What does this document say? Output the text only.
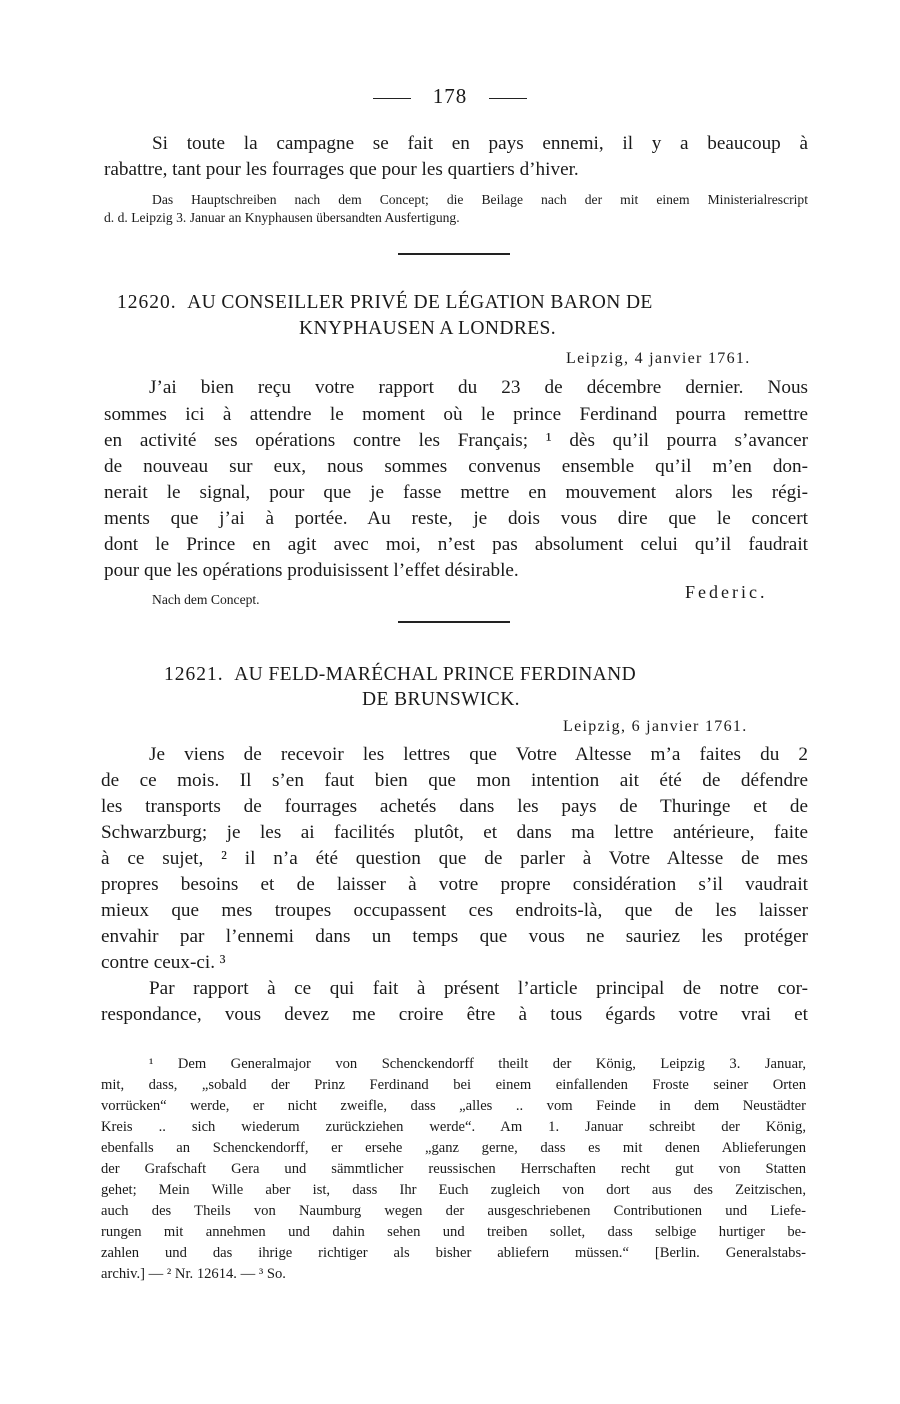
178
Si toute la campagne se fait en pays ennemi, il y a beaucoup à
rabattre, tant pour les fourrages que pour les quartiers d’hiver.
Das Hauptschreiben nach dem Concept; die Beilage nach der mit einem Ministerialrescript
d. d. Leipzig 3. Januar an Knyphausen übersandten Ausfertigung.
12620. AU CONSEILLER PRIVÉ DE LÉGATION BARON DE
KNYPHAUSEN A LONDRES.
Leipzig, 4 janvier 1761.
J’ai bien reçu votre rapport du 23 de décembre dernier. Nous
sommes ici à attendre le moment où le prince Ferdinand pourra remettre
en activité ses opérations contre les Français; ¹ dès qu’il pourra s’avancer
de nouveau sur eux, nous sommes convenus ensemble qu’il m’en don-
nerait le signal, pour que je fasse mettre en mouvement alors les régi-
ments que j’ai à portée. Au reste, je dois vous dire que le concert
dont le Prince en agit avec moi, n’est pas absolument celui qu’il faudrait
pour que les opérations produisissent l’effet désirable.
Nach dem Concept.	Federic.
12621. AU FELD-MARÉCHAL PRINCE FERDINAND
DE BRUNSWICK.
Leipzig, 6 janvier 1761.
Je viens de recevoir les lettres que Votre Altesse m’a faites du 2
de ce mois. Il s’en faut bien que mon intention ait été de défendre
les transports de fourrages achetés dans les pays de Thuringe et de
Schwarzburg; je les ai facilités plutôt, et dans ma lettre antérieure, faite
à ce sujet, ² il n’a été question que de parler à Votre Altesse de mes
propres besoins et de laisser à votre propre considération s’il vaudrait
mieux que mes troupes occupassent ces endroits-là, que de les laisser
envahir par l’ennemi dans un temps que vous ne sauriez les protéger
contre ceux-ci. ³
Par rapport à ce qui fait à présent l’article principal de notre cor-
respondance, vous devez me croire être à tous égards votre vrai et
¹ Dem Generalmajor von Schenckendorff theilt der König, Leipzig 3. Januar,
mit, dass, „sobald der Prinz Ferdinand bei einem einfallenden Froste seiner Orten
vorrücken“ werde, er nicht zweifle, dass „alles .. vom Feinde in dem Neustädter
Kreis .. sich wiederum zurückziehen werde“. Am 1. Januar schreibt der König,
ebenfalls an Schenckendorff, er ersehe „ganz gerne, dass es mit denen Ablieferungen
der Grafschaft Gera und sämmtlicher reussischen Herrschaften recht gut von Statten
gehet; Mein Wille aber ist, dass Ihr Euch zugleich von dort aus des Zeitzischen,
auch des Theils von Naumburg wegen der ausgeschriebenen Contributionen und Liefe-
rungen mit annehmen und dahin sehen und treiben sollet, dass selbige hurtiger be-
zahlen und das ihrige richtiger als bisher abliefern müssen.“ [Berlin. Generalstabs-
archiv.] — ² Nr. 12614. — ³ So.
